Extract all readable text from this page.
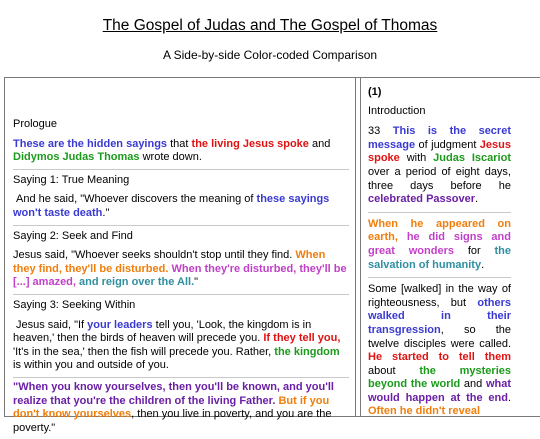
The Gospel of Judas and The Gospel of Thomas
A Side-by-side Color-coded Comparison

Prologue

These are the hidden sayings that the living Jesus spoke and Didymos Judas Thomas wrote down.

Saying 1: True Meaning

And he said, "Whoever discovers the meaning of these sayings won't taste death."

Saying 2: Seek and Find

Jesus said, "Whoever seeks shouldn't stop until they find. When they find, they'll be disturbed. When they're disturbed, they'll be [...] amazed, and reign over the All."

Saying 3: Seeking Within

Jesus said, "If your leaders tell you, 'Look, the kingdom is in heaven,' then the birds of heaven will precede you. If they tell you, 'It's in the sea,' then the fish will precede you. Rather, the kingdom is within you and outside of you.

"When you know yourselves, then you'll be known, and you'll realize that you're the children of the living Father. But if you don't know yourselves, then you live in poverty, and you are the poverty."

(1)

Introduction

33 This is the secret message of judgment Jesus spoke with Judas Iscariot over a period of eight days, three days before he celebrated Passover.

When he appeared on earth, he did signs and great wonders for the salvation of humanity.

Some [walked] in the way of righteousness, but others walked in their transgression, so the twelve disciples were called. He started to tell them about the mysteries beyond the world and what would happen at the end. Often he didn't reveal
